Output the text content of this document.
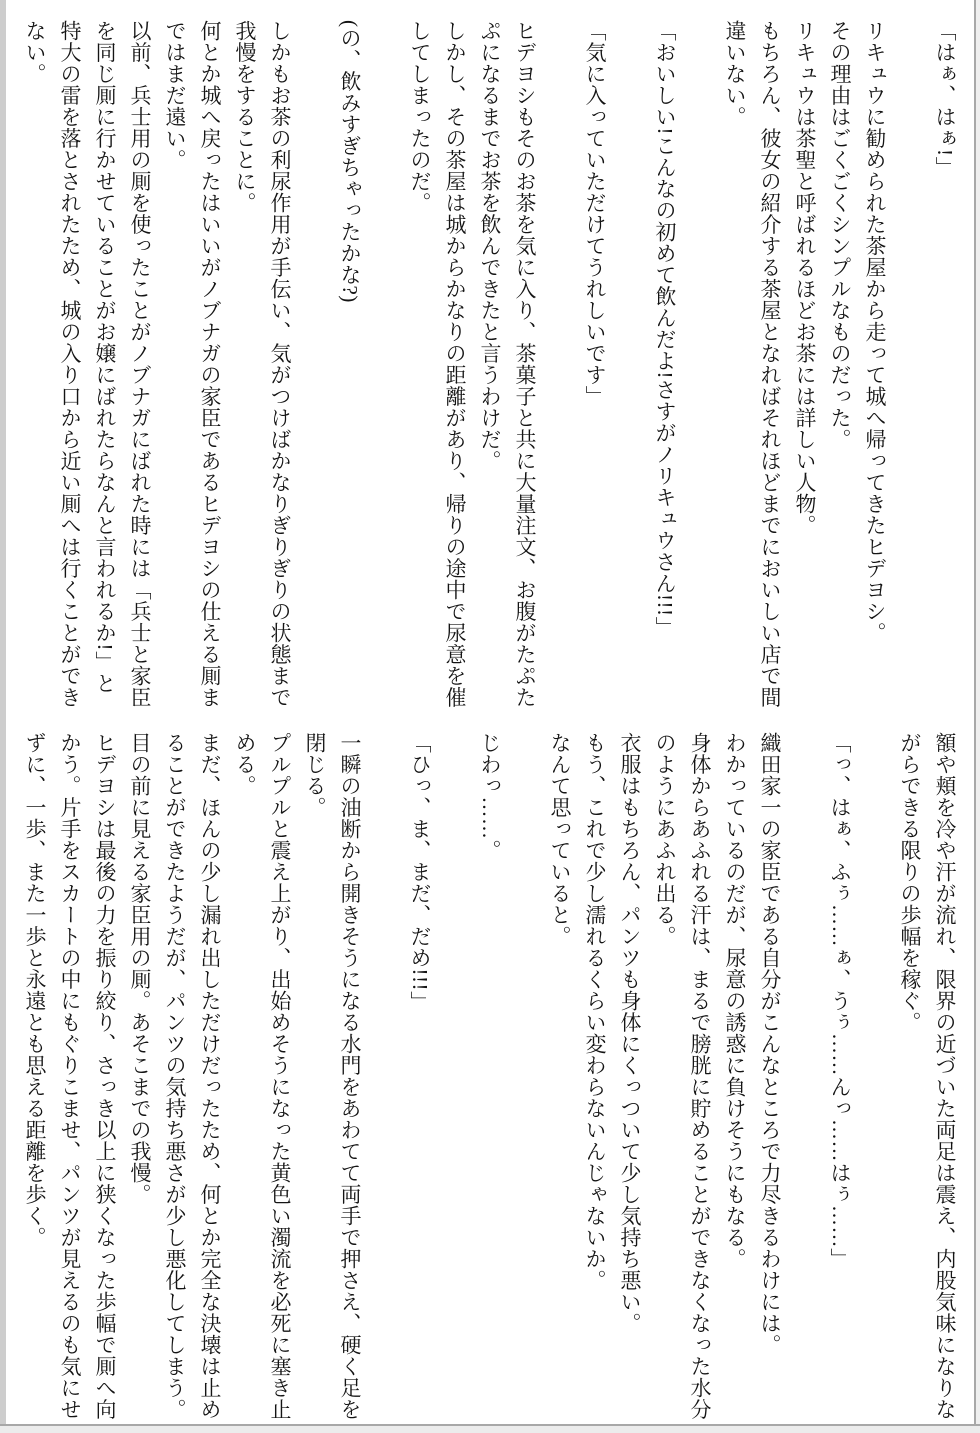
「はぁ、はぁ!」

リキュウに勧められた茶屋から走って城へ帰ってきたヒデヨシ。

その理由はごくごくシンプルなものだった。

リキュウは茶聖と呼ばれるほどお茶には詳しい人物。

もちろん、彼女の紹介する茶屋となればそれほどまでにおいしい店で間

違いない。

「おいしい!こんなの初めて飲んだよ!さすがノリキュウさん!!!」

「気に入っていただけてうれしいです」

ヒデヨシもそのお茶を気に入り、茶菓子と共に大量注文、お腹がたぷた

ぷになるまでお茶を飲んできたと言うわけだ。

しかし、その茶屋は城からかなりの距離があり、帰りの途中で尿意を催

してしまったのだ。

(の、飲みすぎちゃったかな?)

しかもお茶の利尿作用が手伝い、気がつけばかなりぎりぎりの状態まで

我慢をすることに。

何とか城へ戻ったはいいがノブナガの家臣であるヒデヨシの仕える厠ま

ではまだ遠い。

以前、兵士用の厠を使ったことがノブナガにばれた時には「兵士と家臣

を同じ厠に行かせていることがお嬢にばれたらなんと言われるか!」と

特大の雷を落とされたため、城の入り口から近い厠へは行くことができ

ない。

額や頬を冷や汗が流れ、限界の近づいた両足は震え、内股気味になりな

がらできる限りの歩幅を稼ぐ。

「っ、はぁ、ふぅ……ぁ、うぅ……んっ……はぅ……」

織田家一の家臣である自分がこんなところで力尽きるわけには。

わかっているのだが、尿意の誘惑に負けそうにもなる。

身体からあふれる汗は、まるで膀胱に貯めることができなくなった水分

のようにあふれ出る。

衣服はもちろん、パンツも身体にくっついて少し気持ち悪い。

もう、これで少し濡れるくらい変わらないんじゃないか。

なんて思っていると。

じわっ……。

「ひっ、ま、まだ、だめ!!!」

一瞬の油断から開きそうになる水門をあわてて両手で押さえ、硬く足を

閉じる。

プルプルと震え上がり、出始めそうになった黄色い濁流を必死に塞き止

める。

まだ、ほんの少し漏れ出しただけだったため、何とか完全な決壊は止め

ることができたようだが、パンツの気持ち悪さが少し悪化してしまう。

目の前に見える家臣用の厠。あそこまでの我慢。

ヒデヨシは最後の力を振り絞り、さっき以上に狭くなった歩幅で厠へ向

かう。片手をスカートの中にもぐりこませ、パンツが見えるのも気にせ

ずに、一歩、また一歩と永遠とも思える距離を歩く。
